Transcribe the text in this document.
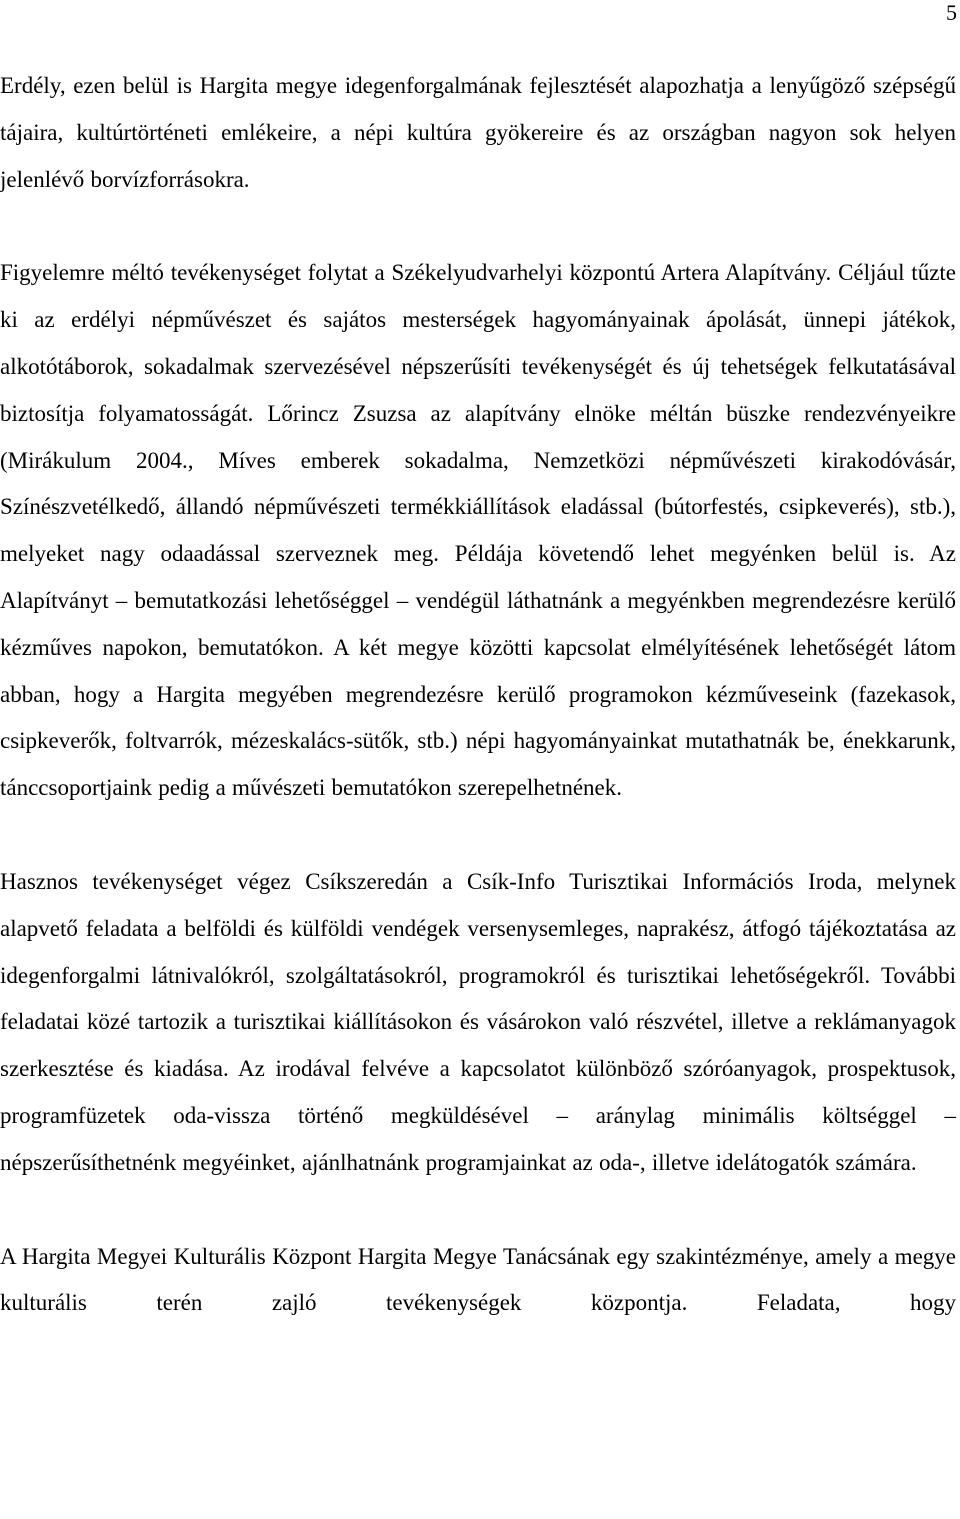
5

Erdély, ezen belül is Hargita megye idegenforgalmának fejlesztését alapozhatja a lenyűgöző szépségű tájaira, kultúrtörténeti emlékeire, a népi kultúra gyökereire és az országban nagyon sok helyen jelenlévő borvízforrásokra.

Figyelemre méltó tevékenységet folytat a Székelyudvarhelyi központú Artera Alapítvány. Céljául tűzte ki az erdélyi népművészet és sajátos mesterségek hagyományainak ápolását, ünnepi játékok, alkotótáborok, sokadalmak szervezésével népszerűsíti tevékenységét és új tehetségek felkutatásával biztosítja folyamatosságát. Lőrincz Zsuzsa az alapítvány elnöke méltán büszke rendezvényeikre (Mirákulum 2004., Míves emberek sokadalma, Nemzetközi népművészeti kirakodóvásár, Színészvetélkedő, állandó népművészeti termékkiállítások eladással (bútorfestés, csipkeverés), stb.), melyeket nagy odaadással szerveznek meg. Példája követendő lehet megyénken belül is. Az Alapítványt – bemutatkozási lehetőséggel – vendégül láthatnánk a megyénkben megrendezésre kerülő kézműves napokon, bemutatókon. A két megye közötti kapcsolat elmélyítésének lehetőségét látom abban, hogy a Hargita megyében megrendezésre kerülő programokon kézműveseink (fazekasok, csipkeverők, foltvarrók, mézeskalács-sütők, stb.) népi hagyományainkat mutathatnák be, énekkarunk, tánccsoportjaink pedig a művészeti bemutatókon szerepelhetnének.

Hasznos tevékenységet végez Csíkszeredán a Csík-Info Turisztikai Információs Iroda, melynek alapvető feladata a belföldi és külföldi vendégek versenysemleges, naprakész, átfogó tájékoztatása az idegenforgalmi látnivalókról, szolgáltatásokról, programokról és turisztikai lehetőségekről. További feladatai közé tartozik a turisztikai kiállításokon és vásárokon való részvétel, illetve a reklámanyagok szerkesztése és kiadása. Az irodával felvéve a kapcsolatot különböző szóróanyagok, prospektusok, programfüzetek oda-vissza történő megküldésével – aránylag minimális költséggel – népszerűsíthetnénk megyéinket, ajánlhatnánk programjainkat az oda-, illetve idelátogatók számára.

A Hargita Megyei Kulturális Központ Hargita Megye Tanácsának egy szakintézménye, amely a megye kulturális terén zajló tevékenységek központja. Feladata, hogy
